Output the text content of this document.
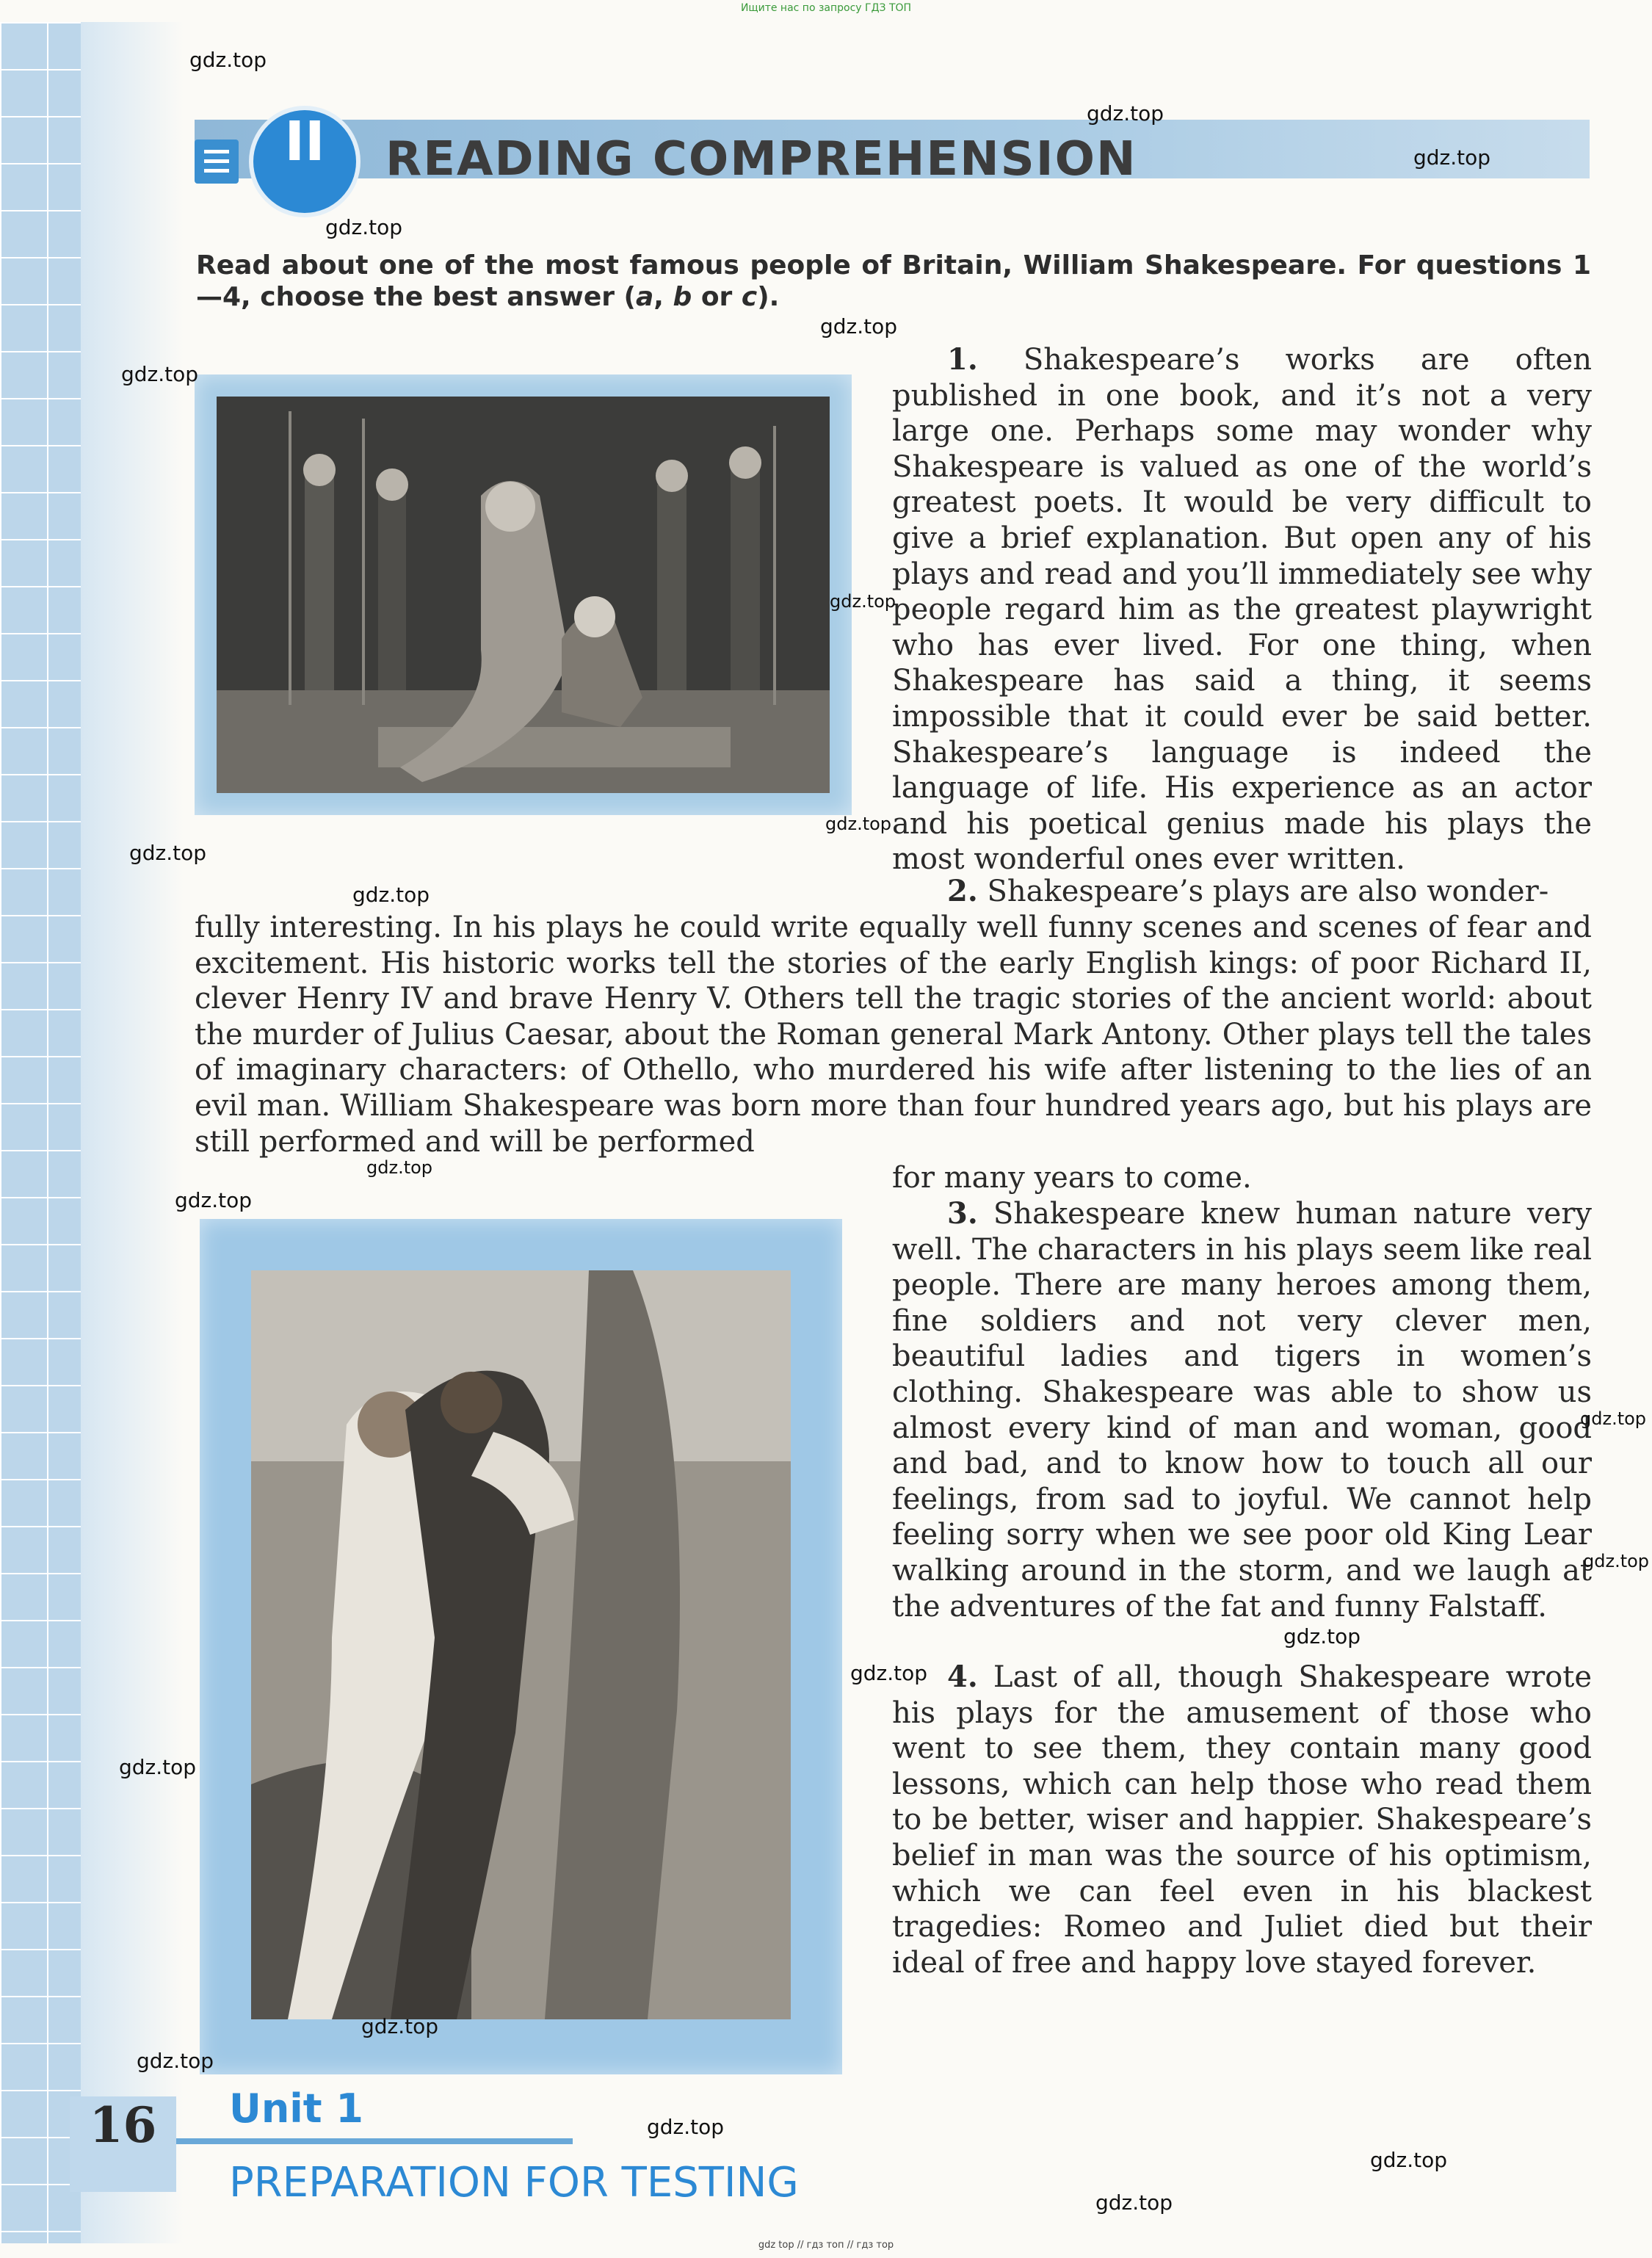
Ищите нас по запросу ГДЗ ТОП
II	READING COMPREHENSION
Read about one of the most famous people of Britain, William Shakespeare. For questions 1—4, choose the best answer (a, b or c).

1. Shakespeare’s works are often published in one book, and it’s not a very large one. Perhaps some may wonder why Shakespeare is valued as one of the world’s greatest poets. It would be very difficult to give a brief explanation. But open any of his plays and read and you’ll immediately see why people regard him as the greatest playwright who has ever lived. For one thing, when Shakespeare has said a thing, it seems impossible that it could ever be said better. Shakespeare’s language is indeed the language of life. His experience as an actor and his poetical genius made his plays the most wonderful ones ever written.

2. Shakespeare’s plays are also wonder-

fully interesting. In his plays he could write equally well funny scenes and scenes of fear and excitement. His historic works tell the stories of the early English kings: of poor Richard II, clever Henry IV and brave Henry V. Others tell the tragic stories of the ancient world: about the murder of Julius Caesar, about the Roman general Mark Antony. Other plays tell the tales of imaginary characters: of Othello, who murdered his wife after listening to the lies of an evil man. William Shakespeare was born more than four hundred years ago, but his plays are still performed and will be performed

for many years to come.

3. Shakespeare knew human nature very well. The characters in his plays seem like real people. There are many heroes among them, fine soldiers and not very clever men, beautiful ladies and tigers in women’s clothing. Shakespeare was able to show us almost every kind of man and woman, good and bad, and to know how to touch all our feelings, from sad to joyful. We cannot help feeling sorry when we see poor old King Lear walking around in the storm, and we laugh at the adventures of the fat and funny Falstaff.

4. Last of all, though Shakespeare wrote his plays for the amusement of those who went to see them, they contain many good lessons, which can help those who read them to be better, wiser and happier. Shakespeare’s belief in man was the source of his optimism, which we can feel even in his blackest tragedies: Romeo and Juliet died but their ideal of free and happy love stayed forever.

16	Unit 1
PREPARATION FOR TESTING
gdz.top
gdz.top
gdz.top
gdz.top
gdz.top
gdz.top
gdz.top
gdz.top
gdz.top
gdz.top
gdz.top
gdz.top
gdz.top
gdz.top
gdz.top
gdz.top
gdz.top
gdz.top
gdz.top
gdz.top
gdz.top
gdz.top
gdz top // гдз топ // гдз тор
